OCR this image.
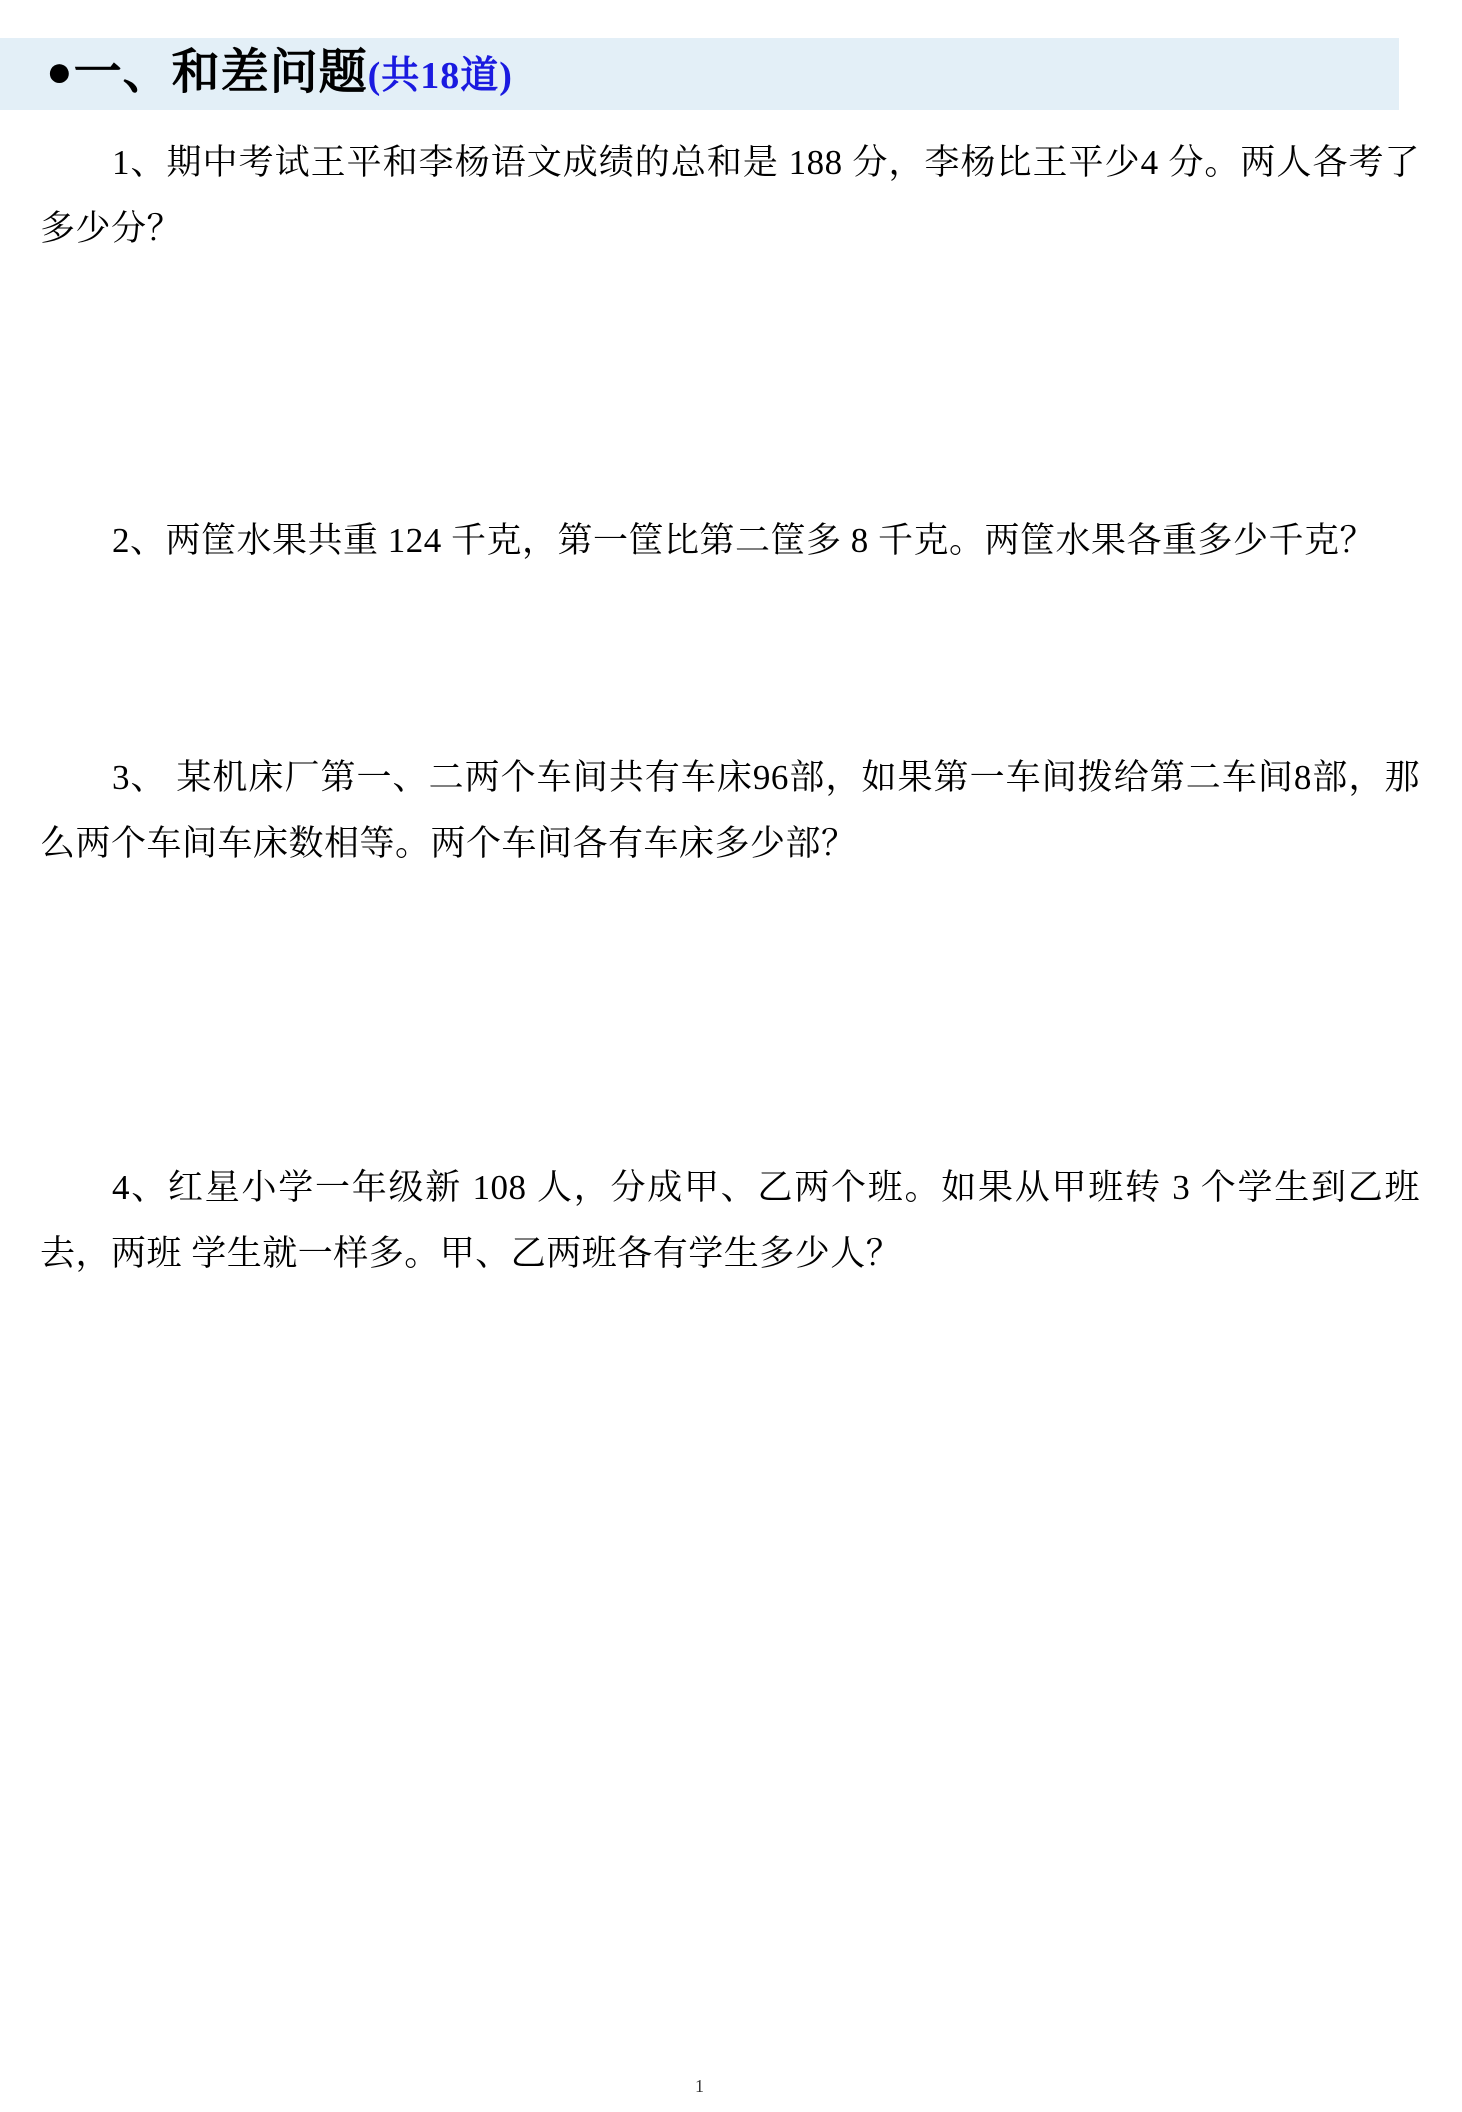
●一、和差问题(共18道)
1、期中考试王平和李杨语文成绩的总和是 188 分，李杨比王平少4 分。两人各考了多少分？
2、两筐水果共重 124 千克，第一筐比第二筐多 8 千克。两筐水果各重多少千克？
3、 某机床厂第一、二两个车间共有车床96部，如果第一车间拨给第二车间8部，那么两个车间车床数相等。两个车间各有车床多少部？
4、红星小学一年级新 108 人，分成甲、乙两个班。如果从甲班转 3 个学生到乙班去，两班 学生就一样多。甲、乙两班各有学生多少人？
1
